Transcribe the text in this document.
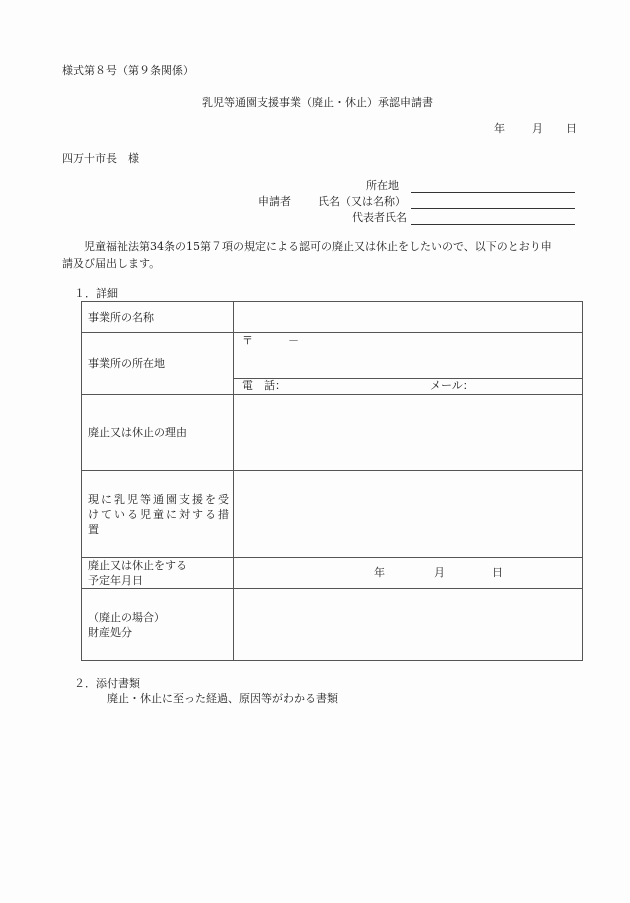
様式第８号（第９条関係）
乳児等通園支援事業（廃止・休止）承認申請書
年 月 日
四万十市長　様
所在地
申請者 氏名（又は名称）
代表者氏名
児童福祉法第34条の15第７項の規定による認可の廃止又は休止をしたいので、以下のとおり申
請及び届出します。
１．詳細
事業所の名称	
事業所の所在地	〒 －
電　話： メール：

廃止又は休止の理由	

現に乳児等通園支援を受
けている児童に対する措
置	

廃止又は休止をする
予定年月日

年	月	日

（廃止の場合）
財産処分	

２．添付書類
廃止・休止に至った経過、原因等がわかる書類
